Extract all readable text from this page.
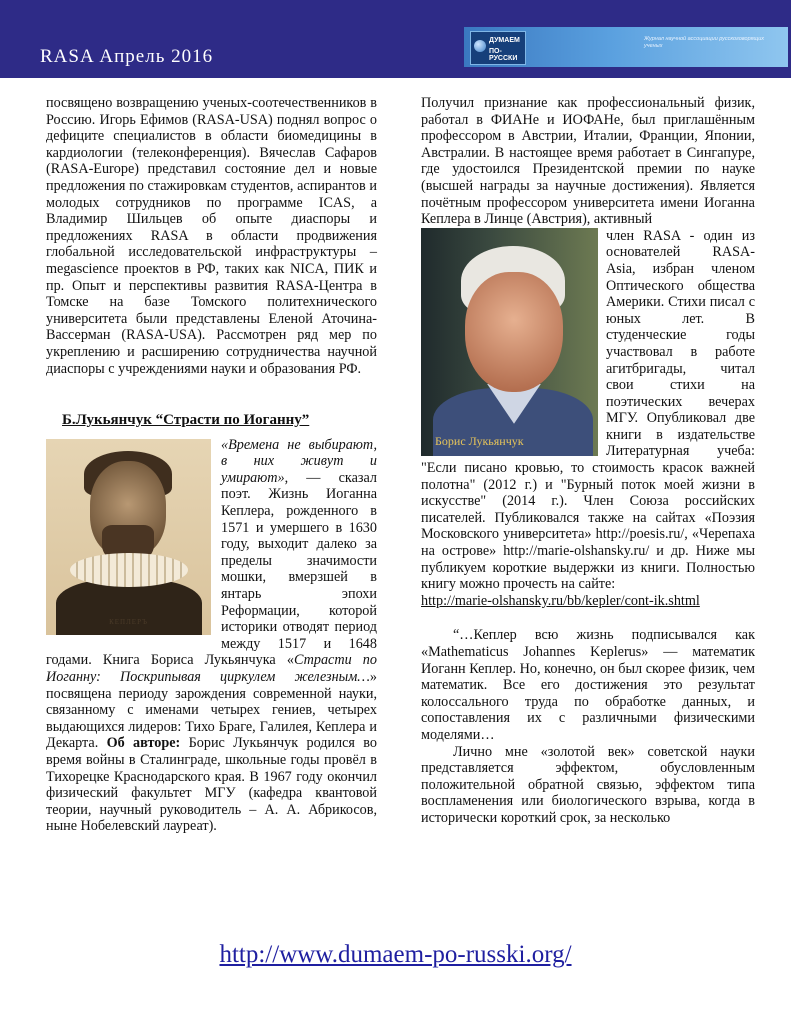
RASA Апрель 2016
ДУМАЕМ
ПО-РУССКИ
Журнал научной ассоциации русскоговорящих ученых

посвящено возвращению ученых-соотечественников в Россию. Игорь Ефимов (RASA-USA) поднял вопрос о дефиците специалистов в области биомедицины в кардиологии (телеконференция). Вячеслав Сафаров (RASA-Europe) представил состояние дел и новые предложения по стажировкам студентов, аспирантов и молодых сотрудников по программе ICAS, а Владимир Шильцев об опыте диаспоры и предложениях RASA в области продвижения глобальной исследовательской инфраструктуры – megascience проектов в РФ, таких как NICA, ПИК и пр. Опыт и перспективы развития RASA-Центра в Томске на базе Томского политехнического университета были представлены Еленой Аточина-Вассерман (RASA-USA). Рассмотрен ряд мер по укреплению и расширению сотрудничества научной диаспоры с учреждениями науки и образования РФ.

Б.Лукьянчук “Страсти по Иоганну”

КЕПЛЕРЪ
«Времена не выбирают, в них живут и умирают», — сказал поэт. Жизнь Иоганна Кеплера, рожденного в 1571 и умершего в 1630 году, выходит далеко за пределы значимости мошки, вмерзшей в янтарь эпохи Реформации, которой историки отводят период между 1517 и 1648 годами. Книга Бориса Лукьянчука «Страсти по Иоганну: Поскрипывая циркулем железным…» посвящена периоду зарождения современной науки, связанному с именами четырех гениев, четырех выдающихся лидеров: Тихо Браге, Галилея, Кеплера и Декарта. Об авторе: Борис Лукьянчук родился во время войны в Сталинграде, школьные годы провёл в Тихорецке Краснодарского края. В 1967 году окончил физический факультет МГУ (кафедра квантовой теории, научный руководитель – А. А. Абрикосов, ныне Нобелевский лауреат).

Получил признание как профессиональный физик, работал в ФИАНе и ИОФАНе, был приглашённым профессором в Австрии, Италии, Франции, Японии, Австралии. В настоящее время работает в Сингапуре, где удостоился Президентской премии по науке (высшей награды за научные достижения). Является почётным профессором университета имени Иоганна Кеплера в Линце (Австрия), активный

Борис Лукьянчук
член RASA - один из основателей RASA-Asia, избран членом Оптического общества Америки. Стихи писал с юных лет. В студенческие годы участвовал в работе агитбригады, читал свои стихи на поэтических вечерах МГУ. Опубликовал две книги в издательстве Литературная учеба: "Если писано кровью, то стоимость красок важней полотна" (2012 г.) и "Бурный поток моей жизни в искусстве" (2014 г.). Член Союза российских писателей. Публиковался также на сайтах «Поэзия Московского университета» http://poesis.ru/, «Черепаха на острове» http://marie-olshansky.ru/ и др. Ниже мы публикуем короткие выдержки из книги. Полностью книгу можно прочесть на сайте:

http://marie-olshansky.ru/bb/kepler/cont-ik.shtml

“…Кеплер всю жизнь подписывался как «Mathematicus Johannes Keplerus» — математик Иоганн Кеплер. Но, конечно, он был скорее физик, чем математик. Все его достижения это результат колоссального труда по обработке данных, и сопоставления их с различными физическими моделями…

Лично мне «золотой век» советской науки представляется эффектом, обусловленным положительной обратной связью, эффектом типа воспламенения или биологического взрыва, когда в исторически короткий срок, за несколько

http://www.dumaem-po-russki.org/
